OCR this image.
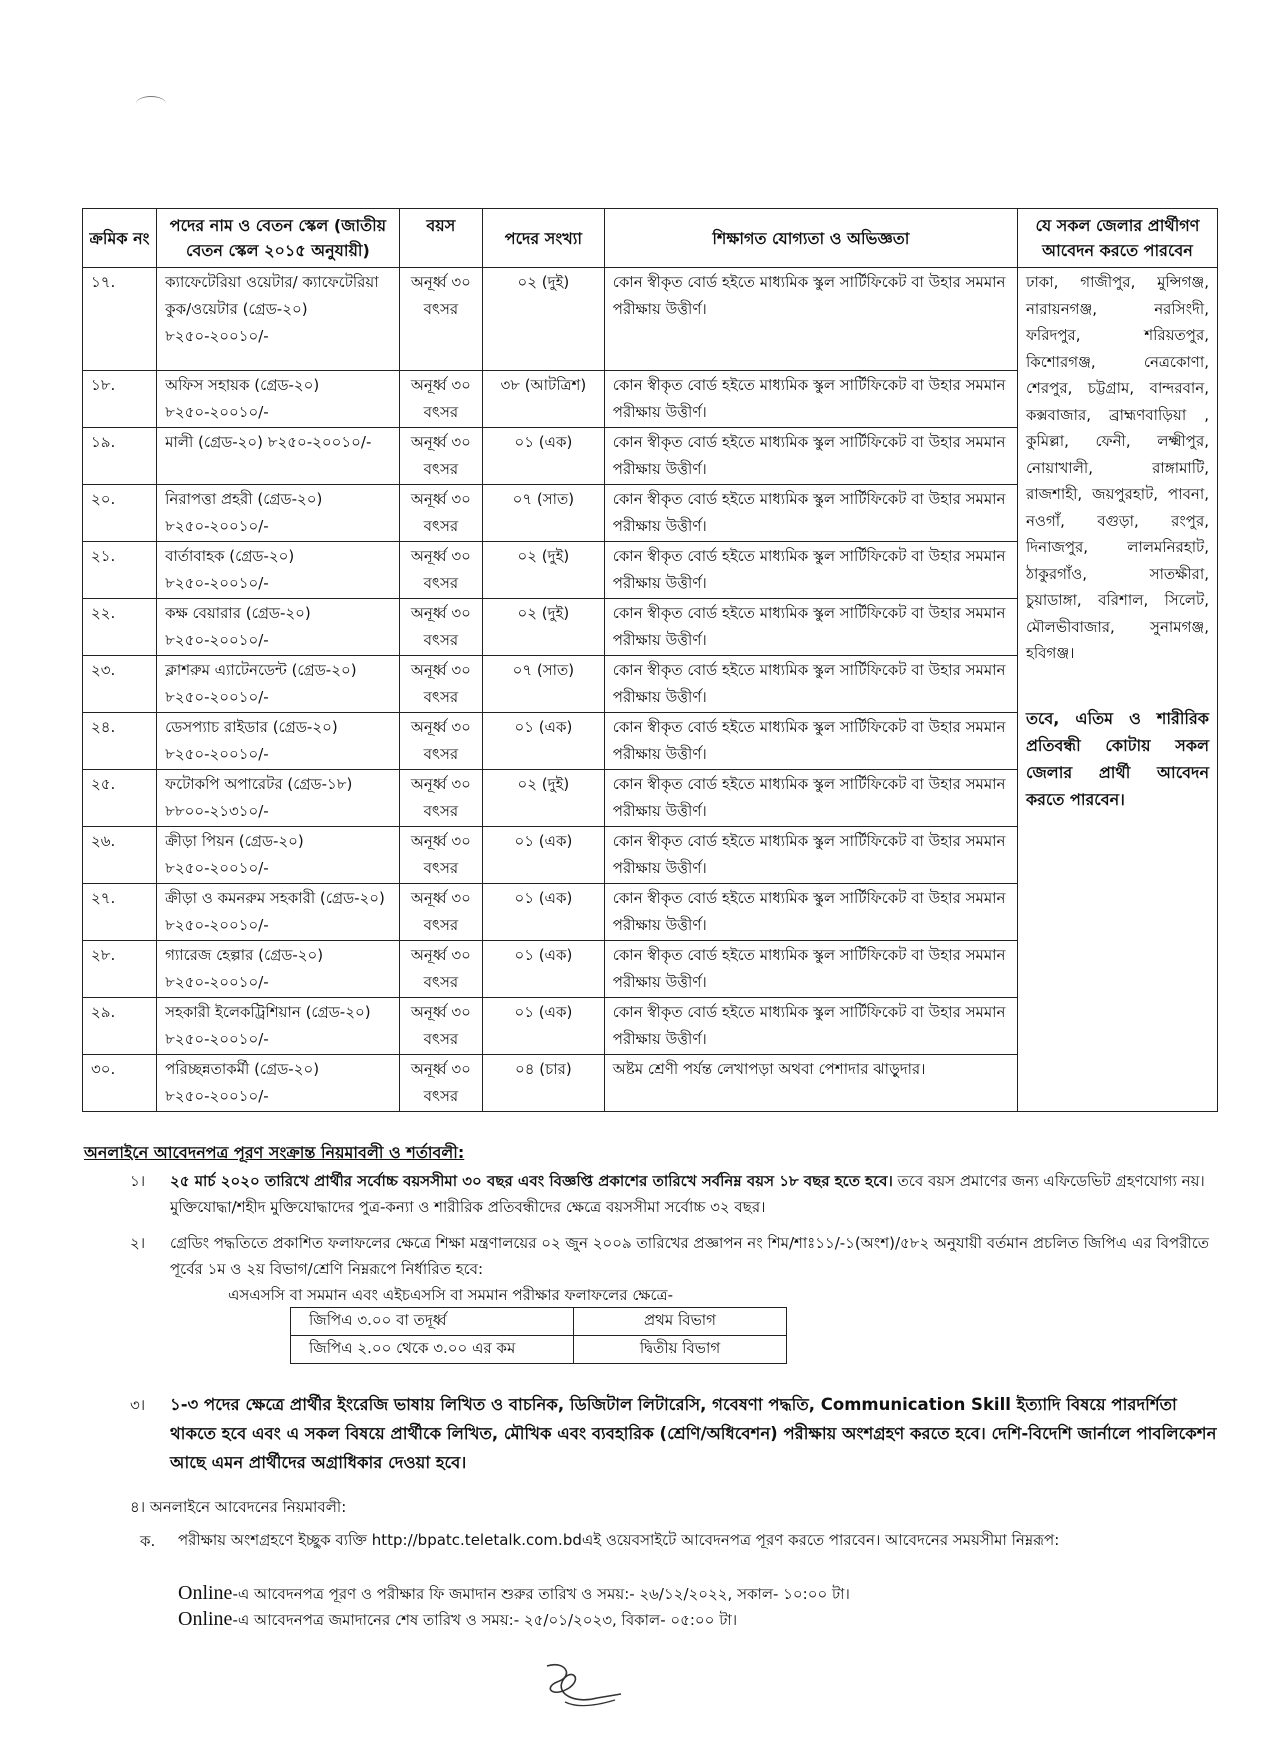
ক্রমিক নং	পদের নাম ও বেতন স্কেল (জাতীয় বেতন স্কেল ২০১৫ অনুযায়ী)	বয়স	পদের সংখ্যা	শিক্ষাগত যোগ্যতা ও অভিজ্ঞতা	যে সকল জেলার প্রার্থীগণ আবেদন করতে পারবেন
১৭.	ক্যাফেটেরিয়া ওয়েটার/ ক্যাফেটেরিয়া কুক/ওয়েটার (গ্রেড-২০) ৮২৫০-২০০১০/-	অনূর্ধ্ব ৩০ বৎসর	০২ (দুই)	কোন স্বীকৃত বোর্ড হইতে মাধ্যমিক স্কুল সার্টিফিকেট বা উহার সমমান পরীক্ষায় উত্তীর্ণ।	ঢাকা, গাজীপুর, মুন্সিগঞ্জ, নারায়নগঞ্জ, নরসিংদী, ফরিদপুর, শরিয়তপুর, কিশোরগঞ্জ, নেত্রকোণা, শেরপুর, চট্টগ্রাম, বান্দরবান, কক্সবাজার, ব্রাহ্মণবাড়িয়া , কুমিল্লা, ফেনী, লক্ষ্মীপুর, নোয়াখালী, রাঙ্গামাটি, রাজশাহী, জয়পুরহাট, পাবনা, নওগাঁ, বগুড়া, রংপুর, দিনাজপুর, লালমনিরহাট, ঠাকুরগাঁও, সাতক্ষীরা, চুয়াডাঙ্গা, বরিশাল, সিলেট, মৌলভীবাজার, সুনামগঞ্জ, হবিগঞ্জ।
তবে, এতিম ও শারীরিক প্রতিবন্ধী কোটায় সকল জেলার প্রার্থী আবেদন করতে পারবেন।

১৮.	অফিস সহায়ক (গ্রেড-২০) ৮২৫০-২০০১০/-	অনূর্ধ্ব ৩০ বৎসর	৩৮ (আটত্রিশ)	কোন স্বীকৃত বোর্ড হইতে মাধ্যমিক স্কুল সার্টিফিকেট বা উহার সমমান পরীক্ষায় উত্তীর্ণ।	
১৯.	মালী (গ্রেড-২০) ৮২৫০-২০০১০/-	অনূর্ধ্ব ৩০ বৎসর	০১ (এক)	কোন স্বীকৃত বোর্ড হইতে মাধ্যমিক স্কুল সার্টিফিকেট বা উহার সমমান পরীক্ষায় উত্তীর্ণ।	
২০.	নিরাপত্তা প্রহরী (গ্রেড-২০) ৮২৫০-২০০১০/-	অনূর্ধ্ব ৩০ বৎসর	০৭ (সাত)	কোন স্বীকৃত বোর্ড হইতে মাধ্যমিক স্কুল সার্টিফিকেট বা উহার সমমান পরীক্ষায় উত্তীর্ণ।	
২১.	বার্তাবাহক (গ্রেড-২০) ৮২৫০-২০০১০/-	অনূর্ধ্ব ৩০ বৎসর	০২ (দুই)	কোন স্বীকৃত বোর্ড হইতে মাধ্যমিক স্কুল সার্টিফিকেট বা উহার সমমান পরীক্ষায় উত্তীর্ণ।	
২২.	কক্ষ বেয়ারার (গ্রেড-২০) ৮২৫০-২০০১০/-	অনূর্ধ্ব ৩০ বৎসর	০২ (দুই)	কোন স্বীকৃত বোর্ড হইতে মাধ্যমিক স্কুল সার্টিফিকেট বা উহার সমমান পরীক্ষায় উত্তীর্ণ।	
২৩.	ক্লাশরুম এ্যাটেনডেন্ট (গ্রেড-২০) ৮২৫০-২০০১০/-	অনূর্ধ্ব ৩০ বৎসর	০৭ (সাত)	কোন স্বীকৃত বোর্ড হইতে মাধ্যমিক স্কুল সার্টিফিকেট বা উহার সমমান পরীক্ষায় উত্তীর্ণ।	
২৪.	ডেসপ্যাচ রাইডার (গ্রেড-২০) ৮২৫০-২০০১০/-	অনূর্ধ্ব ৩০ বৎসর	০১ (এক)	কোন স্বীকৃত বোর্ড হইতে মাধ্যমিক স্কুল সার্টিফিকেট বা উহার সমমান পরীক্ষায় উত্তীর্ণ।	
২৫.	ফটোকপি অপারেটর (গ্রেড-১৮) ৮৮০০-২১৩১০/-	অনূর্ধ্ব ৩০ বৎসর	০২ (দুই)	কোন স্বীকৃত বোর্ড হইতে মাধ্যমিক স্কুল সার্টিফিকেট বা উহার সমমান পরীক্ষায় উত্তীর্ণ।	
২৬.	ক্রীড়া পিয়ন (গ্রেড-২০) ৮২৫০-২০০১০/-	অনূর্ধ্ব ৩০ বৎসর	০১ (এক)	কোন স্বীকৃত বোর্ড হইতে মাধ্যমিক স্কুল সার্টিফিকেট বা উহার সমমান পরীক্ষায় উত্তীর্ণ।	
২৭.	ক্রীড়া ও কমনরুম সহকারী (গ্রেড-২০) ৮২৫০-২০০১০/-	অনূর্ধ্ব ৩০ বৎসর	০১ (এক)	কোন স্বীকৃত বোর্ড হইতে মাধ্যমিক স্কুল সার্টিফিকেট বা উহার সমমান পরীক্ষায় উত্তীর্ণ।	
২৮.	গ্যারেজ হেল্পার (গ্রেড-২০) ৮২৫০-২০০১০/-	অনূর্ধ্ব ৩০ বৎসর	০১ (এক)	কোন স্বীকৃত বোর্ড হইতে মাধ্যমিক স্কুল সার্টিফিকেট বা উহার সমমান পরীক্ষায় উত্তীর্ণ।	
২৯.	সহকারী ইলেকট্রিশিয়ান (গ্রেড-২০) ৮২৫০-২০০১০/-	অনূর্ধ্ব ৩০ বৎসর	০১ (এক)	কোন স্বীকৃত বোর্ড হইতে মাধ্যমিক স্কুল সার্টিফিকেট বা উহার সমমান পরীক্ষায় উত্তীর্ণ।	
৩০.	পরিচ্ছন্নতাকর্মী (গ্রেড-২০) ৮২৫০-২০০১০/-	অনূর্ধ্ব ৩০ বৎসর	০৪ (চার)	অষ্টম শ্রেণী পর্যন্ত লেখাপড়া অথবা পেশাদার ঝাড়ুদার।	
অনলাইনে আবেদনপত্র পূরণ সংক্রান্ত নিয়মাবলী ও শর্তাবলী:
১। ২৫ মার্চ ২০২০ তারিখে প্রার্থীর সর্বোচ্চ বয়সসীমা ৩০ বছর এবং বিজ্ঞপ্তি প্রকাশের তারিখে সর্বনিম্ন বয়স ১৮ বছর হতে হবে। তবে বয়স প্রমাণের জন্য এফিডেভিট গ্রহণযোগ্য নয়। মুক্তিযোদ্ধা/শহীদ মুক্তিযোদ্ধাদের পুত্র-কন্যা ও শারীরিক প্রতিবন্ধীদের ক্ষেত্রে বয়সসীমা সর্বোচ্চ ৩২ বছর।
২। গ্রেডিং পদ্ধতিতে প্রকাশিত ফলাফলের ক্ষেত্রে শিক্ষা মন্ত্রণালয়ের ০২ জুন ২০০৯ তারিখের প্রজ্ঞাপন নং শিম/শাঃ১১/-১(অংশ)/৫৮২ অনুযায়ী বর্তমান প্রচলিত জিপিএ এর বিপরীতে পূর্বের ১ম ও ২য় বিভাগ/শ্রেণি নিম্নরূপে নির্ধারিত হবে:
এসএসসি বা সমমান এবং এইচএসসি বা সমমান পরীক্ষার ফলাফলের ক্ষেত্রে-
জিপিএ ৩.০০ বা তদূর্ধ্ব	প্রথম বিভাগ
জিপিএ ২.০০ থেকে ৩.০০ এর কম	দ্বিতীয় বিভাগ
৩। ১-৩ পদের ক্ষেত্রে প্রার্থীর ইংরেজি ভাষায় লিখিত ও বাচনিক, ডিজিটাল লিটারেসি, গবেষণা পদ্ধতি, Communication Skill ইত্যাদি বিষয়ে পারদর্শিতা থাকতে হবে এবং এ সকল বিষয়ে প্রার্থীকে লিখিত, মৌখিক এবং ব্যবহারিক (শ্রেণি/অধিবেশন) পরীক্ষায় অংশগ্রহণ করতে হবে। দেশি-বিদেশি জার্নালে পাবলিকেশন আছে এমন প্রার্থীদের অগ্রাধিকার দেওয়া হবে।
৪। অনলাইনে আবেদনের নিয়মাবলী:
ক. পরীক্ষায় অংশগ্রহণে ইচ্ছুক ব্যক্তি http://bpatc.teletalk.com.bdএই ওয়েবসাইটে আবেদনপত্র পূরণ করতে পারবেন। আবেদনের সময়সীমা নিম্নরূপ:
Online-এ আবেদনপত্র পূরণ ও পরীক্ষার ফি জমাদান শুরুর তারিখ ও সময়:- ২৬/১২/২০২২, সকাল- ১০:০০ টা।
Online-এ আবেদনপত্র জমাদানের শেষ তারিখ ও সময়:- ২৫/০১/২০২৩, বিকাল- ০৫:০০ টা।
